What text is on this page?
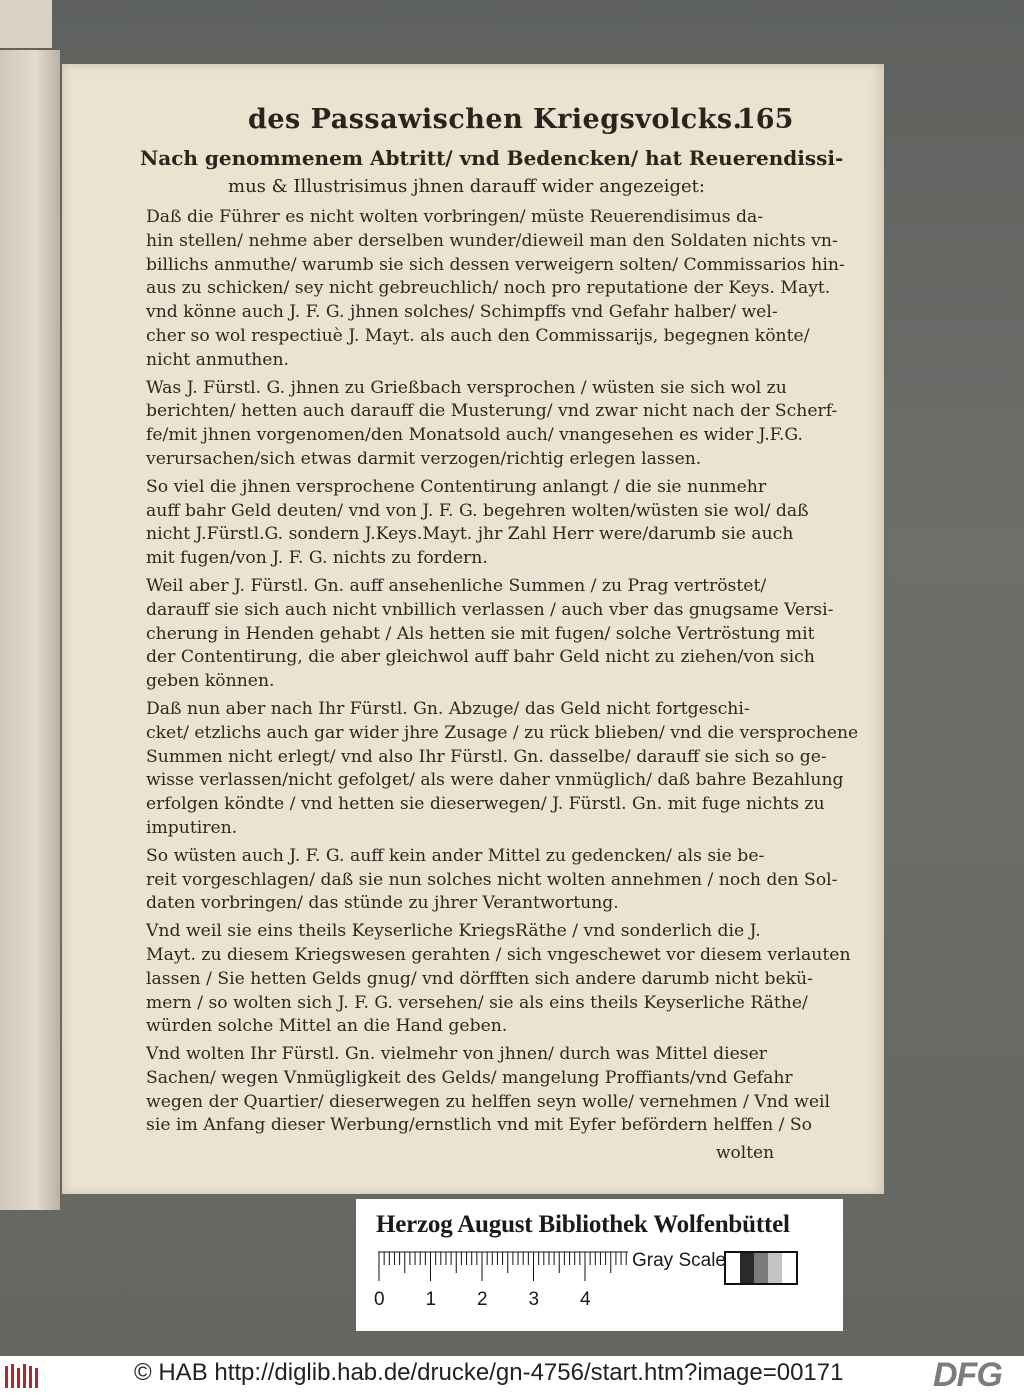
des Passawischen Kriegsvolcks.
165
Nach genommenem Abtritt/ vnd Bedencken/ hat Reuerendissi-
mus & Illustrisimus jhnen darauff wider angezeiget:
Daß die Führer es nicht wolten vorbringen/ müste Reuerendisimus da-
hin stellen/ nehme aber derselben wunder/dieweil man den Soldaten nichts vn-
billichs anmuthe/ warumb sie sich dessen verweigern solten/ Commissarios hin-
aus zu schicken/ sey nicht gebreuchlich/ noch pro reputatione der Keys. Mayt.
vnd könne auch J. F. G. jhnen solches/ Schimpffs vnd Gefahr halber/ wel-
cher so wol respectiuè J. Mayt. als auch den Commissarijs, begegnen könte/
nicht anmuthen.
Was J. Fürstl. G. jhnen zu Grießbach versprochen / wüsten sie sich wol zu
berichten/ hetten auch darauff die Musterung/ vnd zwar nicht nach der Scherf-
fe/mit jhnen vorgenomen/den Monatsold auch/ vnangesehen es wider J.F.G.
verursachen/sich etwas darmit verzogen/richtig erlegen lassen.
So viel die jhnen versprochene Contentirung anlangt / die sie nunmehr
auff bahr Geld deuten/ vnd von J. F. G. begehren wolten/wüsten sie wol/ daß
nicht J.Fürstl.G. sondern J.Keys.Mayt. jhr Zahl Herr were/darumb sie auch
mit fugen/von J. F. G. nichts zu fordern.
Weil aber J. Fürstl. Gn. auff ansehenliche Summen / zu Prag vertröstet/
darauff sie sich auch nicht vnbillich verlassen / auch vber das gnugsame Versi-
cherung in Henden gehabt / Als hetten sie mit fugen/ solche Vertröstung mit
der Contentirung, die aber gleichwol auff bahr Geld nicht zu ziehen/von sich
geben können.
Daß nun aber nach Ihr Fürstl. Gn. Abzuge/ das Geld nicht fortgeschi-
cket/ etzlichs auch gar wider jhre Zusage / zu rück blieben/ vnd die versprochene
Summen nicht erlegt/ vnd also Ihr Fürstl. Gn. dasselbe/ darauff sie sich so ge-
wisse verlassen/nicht gefolget/ als were daher vnmüglich/ daß bahre Bezahlung
erfolgen köndte / vnd hetten sie dieserwegen/ J. Fürstl. Gn. mit fuge nichts zu
imputiren.
So wüsten auch J. F. G. auff kein ander Mittel zu gedencken/ als sie be-
reit vorgeschlagen/ daß sie nun solches nicht wolten annehmen / noch den Sol-
daten vorbringen/ das stünde zu jhrer Verantwortung.
Vnd weil sie eins theils Keyserliche KriegsRäthe / vnd sonderlich die J.
Mayt. zu diesem Kriegswesen gerahten / sich vngeschewet vor diesem verlauten
lassen / Sie hetten Gelds gnug/ vnd dörfften sich andere darumb nicht bekü-
mern / so wolten sich J. F. G. versehen/ sie als eins theils Keyserliche Räthe/
würden solche Mittel an die Hand geben.
Vnd wolten Ihr Fürstl. Gn. vielmehr von jhnen/ durch was Mittel dieser
Sachen/ wegen Vnmügligkeit des Gelds/ mangelung Proffiants/vnd Gefahr
wegen der Quartier/ dieserwegen zu helffen seyn wolle/ vernehmen / Vnd weil
sie im Anfang dieser Werbung/ernstlich vnd mit Eyfer befördern helffen / So
wolten
Herzog August Bibliothek Wolfenbüttel
0 1 2 3 4
Gray Scale
© HAB http://diglib.hab.de/drucke/gn-4756/start.htm?image=00171	DFG
